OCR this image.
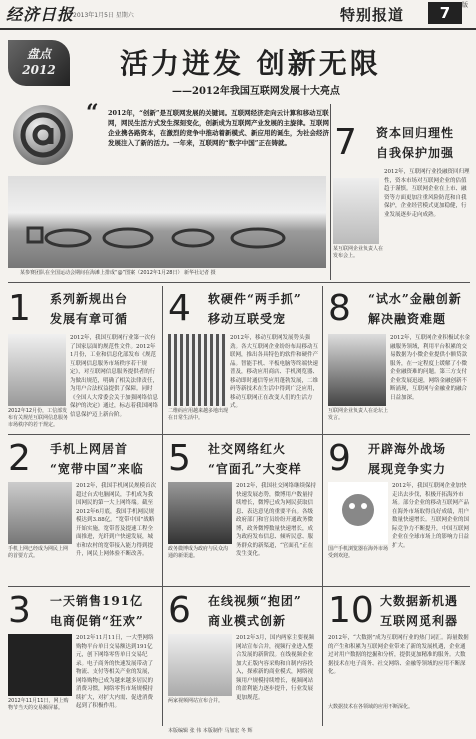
经济日报
2013年1月5日 星期六	特别报道	7	版
盘点
2012	活力迸发 创新无限
——2012年我国互联网发展十大亮点
“ 2012年，“创新”是互联网发展的关键词。互联网经济走向云计算和移动互联网，网民生活方式发生深刻变化，创新成为互联网产业发展的主旋律。互联网企业携各路资本，在激烈的竞争中推动着新模式、新应用的诞生，为社会经济发展注入了新的活力。一年来，互联网的“数字中国”正在铸就。
某参赛团队在全国运动会期间在海滩上排成“@”图案（2012年1月28日） 新华社记者 摄
7 资本回归理性
自我保护加强
某互联网企业负责人在发布会上。
2012年，互联网行业投融资回归理性，资本市场对互联网企业的估值趋于谨慎。互联网企业在上市、融资等方面更加注重风险防范和自我保护，企业经营模式更加稳健，行业发展逐步走向成熟。
1 系列新规出台
发展有章可循
2012年12月份，工信部发布有关规范互联网信息服务市场秩序的若干规定。
2012年，我国互联网行业第一次有了国家层面的规范性文件。2012年1月份，工业和信息化部发布《规范互联网信息服务市场秩序若干规定》，对互联网信息服务提供者的行为做出规范，明确了相关法律责任，为用户合法权益提供了保障。同时《全国人大常委会关于加强网络信息保护的决定》通过，标志着我国网络信息保护迈上新台阶。
4 软硬件“两手抓”
移动互联受宠
二维码应用越来越多地出现在日常生活中。
2012年，移动互联网发展势头强劲。各大互联网企业纷纷布局移动互联网，推出各具特色的软件和硬件产品。智能手机、平板电脑等终端快速普及，移动应用商店、手机浏览器、移动即时通信等应用蓬勃发展，二维码等新技术在生活中得到广泛应用，移动互联网正在改变人们的生活方式。
8 “试水”金融创新
解决融资难题
互联网企业负责人在论坛上发言。
2012年，互联网企业积极试水金融服务领域，利用平台积累的交易数据为小微企业提供小额贷款服务，在一定程度上缓解了小微企业融资难的问题。第三方支付企业发展迅速，网络金融创新不断涌现，互联网与金融业的融合日益加深。
2 手机上网居首
“宽带中国”来临
手机上网已经成为网民上网的首要方式。
2012年，我国手机网民规模首次超过台式电脑网民，手机成为我国网民的第一大上网终端。截至2012年6月底，我国手机网民规模达到3.88亿。“宽带中国”战略开始实施，宽带普及提速工程全面推进，光纤到户快速发展，城市和农村的宽带接入能力得到提升，网民上网体验不断改善。
5 社交网络红火
“官面孔”大变样
政务微博成为政府与民众沟通的新渠道。
2012年，我国社交网络继续保持快速发展态势，微博用户数量持续增长，微博已成为网民获取信息、表达意见的重要平台。各级政府部门和官员纷纷开通政务微博，政务微博数量快速增长，成为政府发布信息、倾听民意、服务群众的新渠道，“官面孔”正在发生变化。
9 开辟海外战场
展现竞争实力
国产手机浏览器在海外市场受到欢迎。
2012年，我国互联网企业加快走出去步伐，积极开拓海外市场。部分企业的移动互联网产品在海外市场取得良好成绩，用户数量快速增长。互联网企业的国际竞争力不断提升，中国互联网企业在全球市场上的影响力日益扩大。
3 一天销售191亿
电商促销“狂欢”
2012年11月11日，网上购物节当天的交易额屏幕。
2012年11月11日，一大型网络购物平台单日交易额达到191亿元，创下网络零售单日交易纪录。电子商务的快速发展带动了物流、支付等相关产业的发展，网络购物已成为越来越多居民的消费习惯，网络零售市场规模持续扩大，对扩大内需、促进消费起到了积极作用。
6 在线视频“抱团”
商业模式创新
两家视频网站宣布合并。
2012年3月，国内两家主要视频网站宣布合并，视频行业进入整合发展的新阶段。在线视频企业加大正版内容采购和自制内容投入，探索新的商业模式，网络视频用户规模持续增长，视频网站的盈利能力逐步提升，行业发展更加规范。
10 大数据新机遇
互联网觅利器
2012年，“大数据”成为互联网行业的热门词汇。海量数据的产生和积累为互联网企业带来了新的发展机遇，企业通过对用户数据的挖掘和分析，提供更加精准的服务。大数据技术在电子商务、社交网络、金融等领域的应用不断深化。
大数据技术在各领域的应用不断深化。
本版编辑 张 伟 本版制作 马加宏 冬 辉
